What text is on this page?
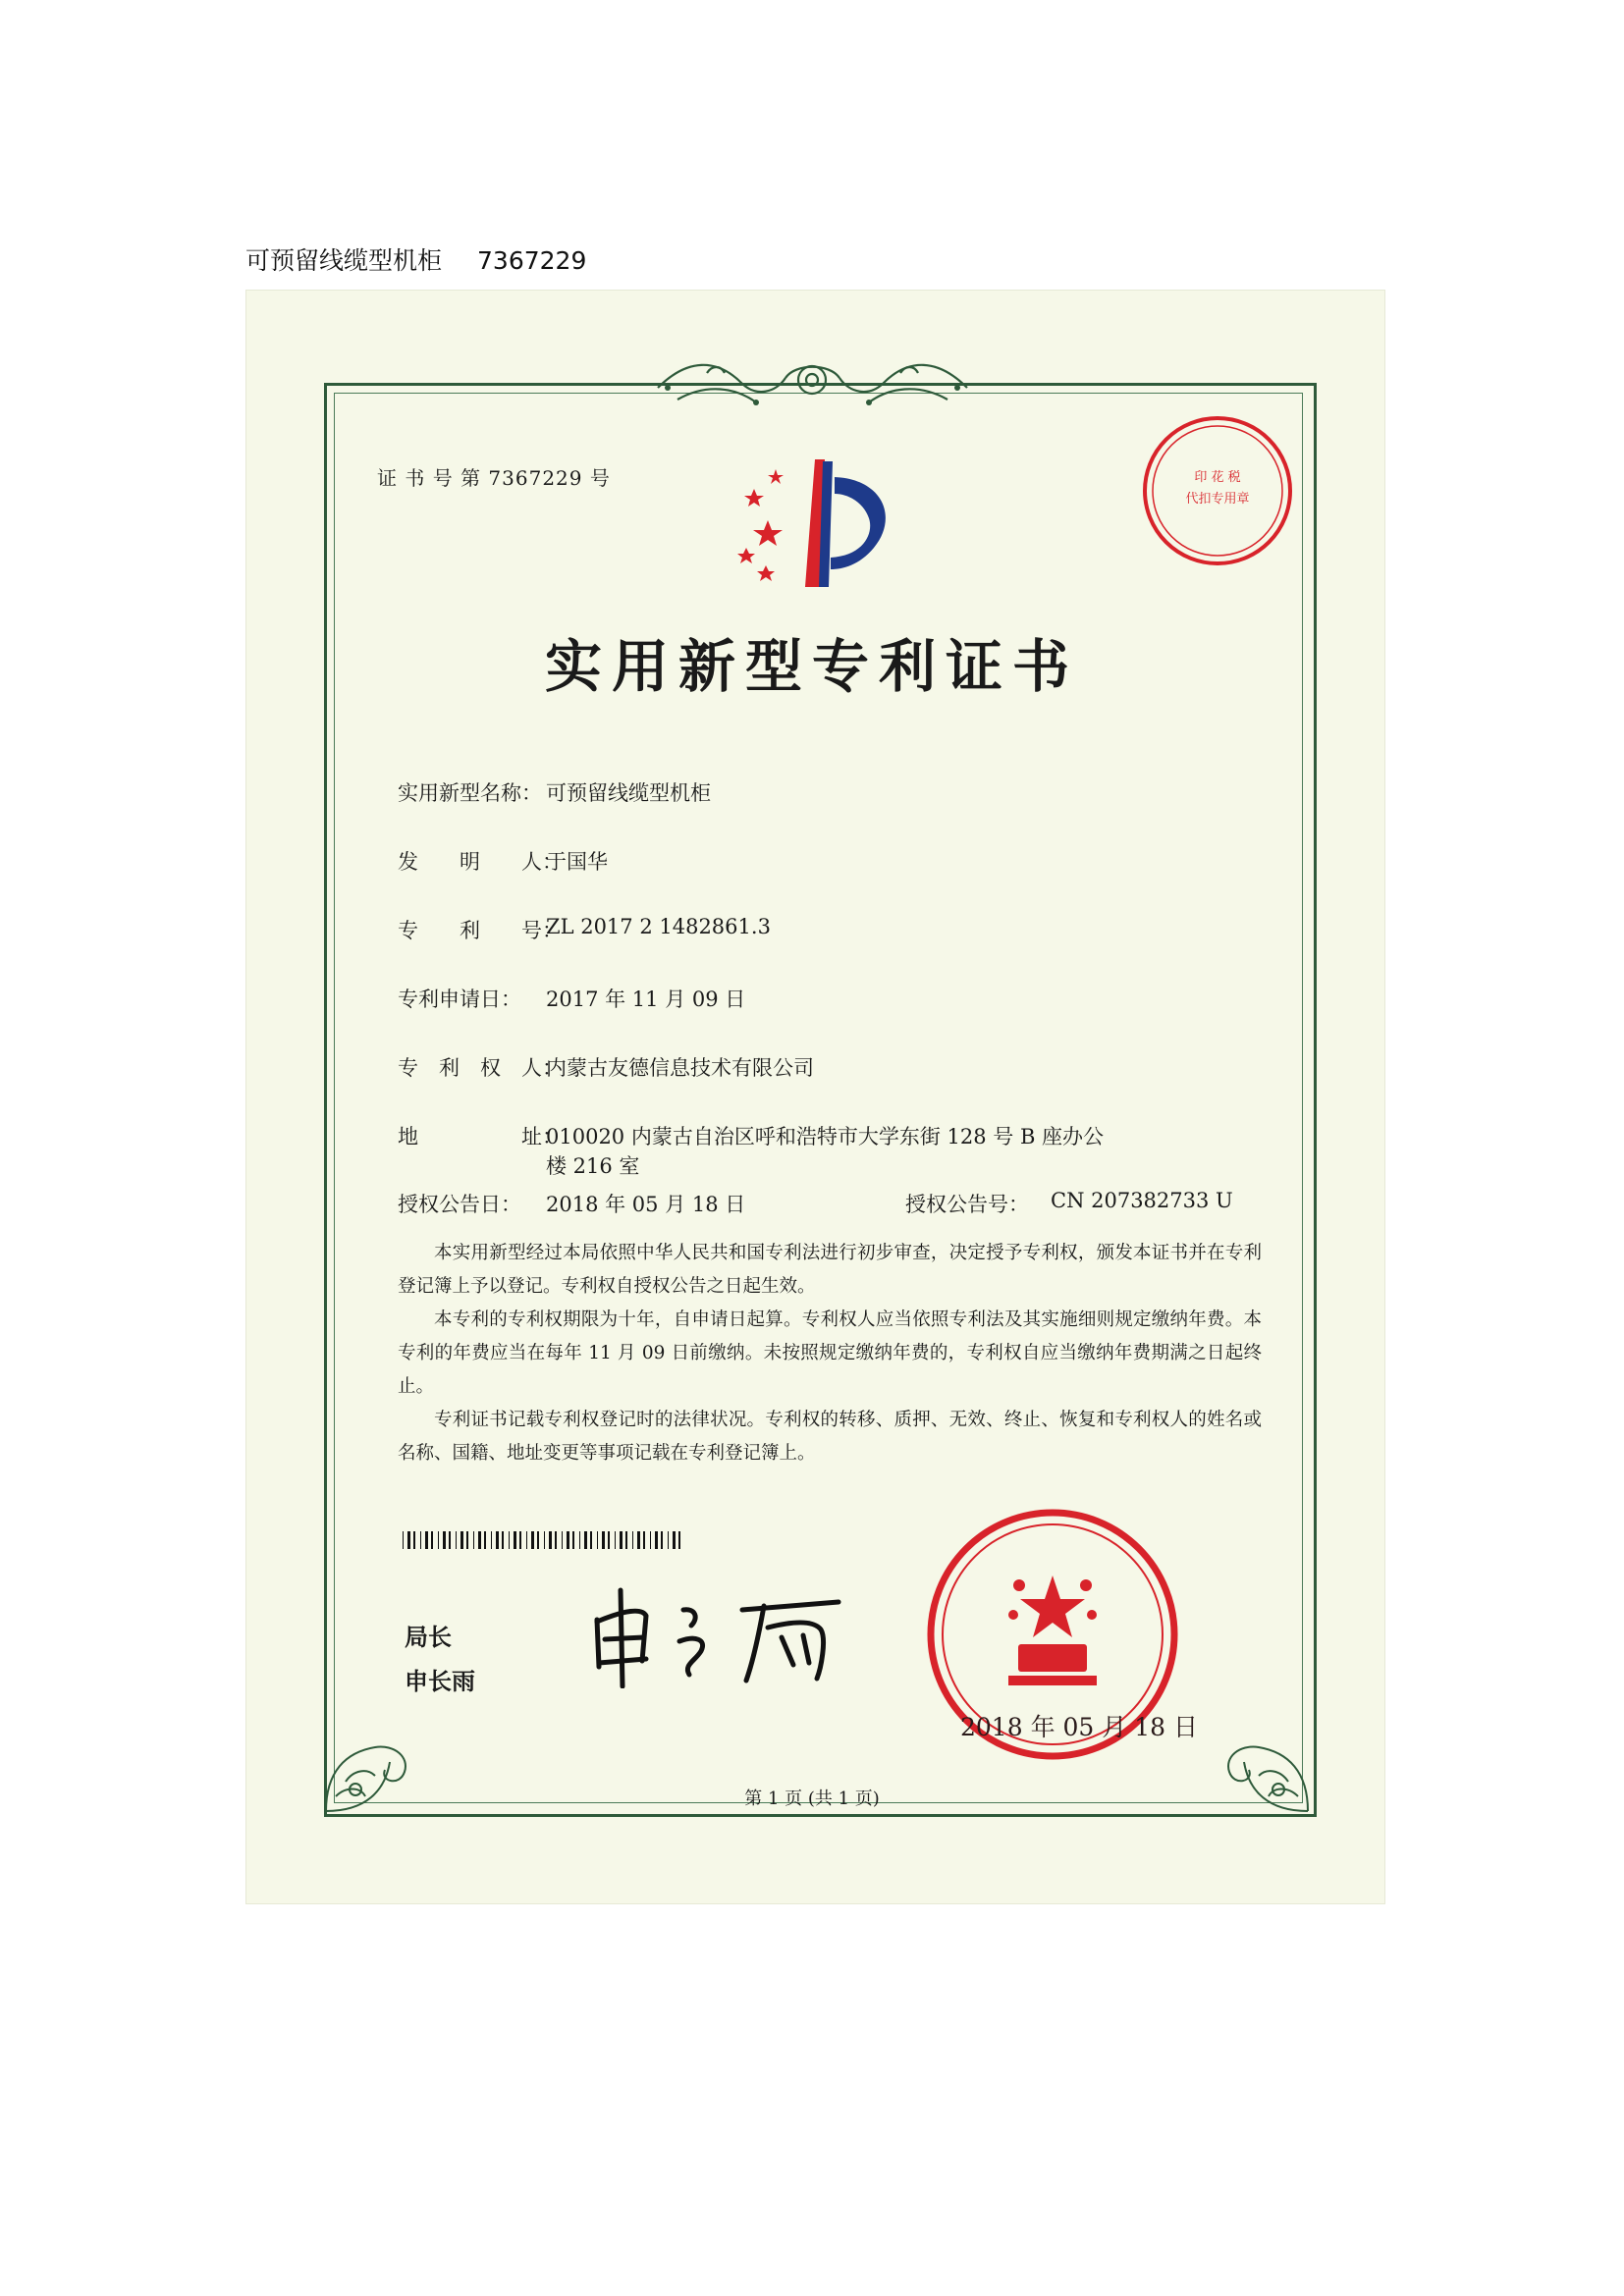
可预留线缆型机柜 7367229
印 花 税
代扣专用章
证 书 号 第 7367229 号
实用新型专利证书
实用新型名称： 可预留线缆型机柜
发　　明　　人：
于国华
专　　利　　号：
ZL 2017 2 1482861.3
专利申请日： 2017 年 11 月 09 日
专　利　权　人：
内蒙古友德信息技术有限公司
地　　　　　址：
010020 内蒙古自治区呼和浩特市大学东街 128 号 B 座办公
楼 216 室
授权公告日： 2018 年 05 月 18 日	授权公告号： CN 207382733 U

本实用新型经过本局依照中华人民共和国专利法进行初步审查，决定授予专利权，颁发本证书并在专利登记簿上予以登记。专利权自授权公告之日起生效。

本专利的专利权期限为十年，自申请日起算。专利权人应当依照专利法及其实施细则规定缴纳年费。本专利的年费应当在每年 11 月 09 日前缴纳。未按照规定缴纳年费的，专利权自应当缴纳年费期满之日起终止。

专利证书记载专利权登记时的法律状况。专利权的转移、质押、无效、终止、恢复和专利权人的姓名或名称、国籍、地址变更等事项记载在专利登记簿上。

局长
申长雨
2018 年 05 月 18 日
第 1 页 (共 1 页)
